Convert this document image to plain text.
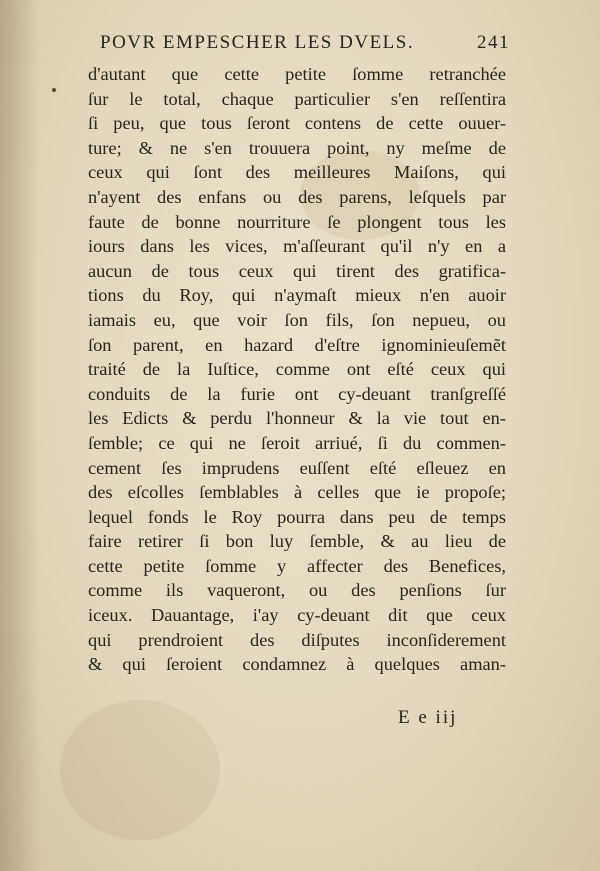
POVR EMPESCHER LES DVELS.	241
d'autant que cette petite ſomme retranchée
ſur le total, chaque particulier s'en reſſentira
ſi peu, que tous ſeront contens de cette ouuer-
ture; & ne s'en trouuera point, ny meſme de
ceux qui ſont des meilleures Maiſons, qui
n'ayent des enfans ou des parens, leſquels par
faute de bonne nourriture ſe plongent tous les
iours dans les vices, m'aſſeurant qu'il n'y en a
aucun de tous ceux qui tirent des gratifica-
tions du Roy, qui n'aymaſt mieux n'en auoir
iamais eu, que voir ſon fils, ſon nepueu, ou
ſon parent, en hazard d'eſtre ignominieuſemẽt
traité de la Iuſtice, comme ont eſté ceux qui
conduits de la furie ont cy-deuant tranſgreſſé
les Edicts & perdu l'honneur & la vie tout en-
ſemble; ce qui ne ſeroit arriué, ſi du commen-
cement ſes imprudens euſſent eſté eſleuez en
des eſcolles ſemblables à celles que ie propoſe;
lequel fonds le Roy pourra dans peu de temps
faire retirer ſi bon luy ſemble, & au lieu de
cette petite ſomme y affecter des Benefices,
comme ils vaqueront, ou des penſions ſur
iceux. Dauantage, i'ay cy-deuant dit que ceux
qui prendroient des diſputes inconſiderement
& qui ſeroient condamnez à quelques aman-
E e iij
